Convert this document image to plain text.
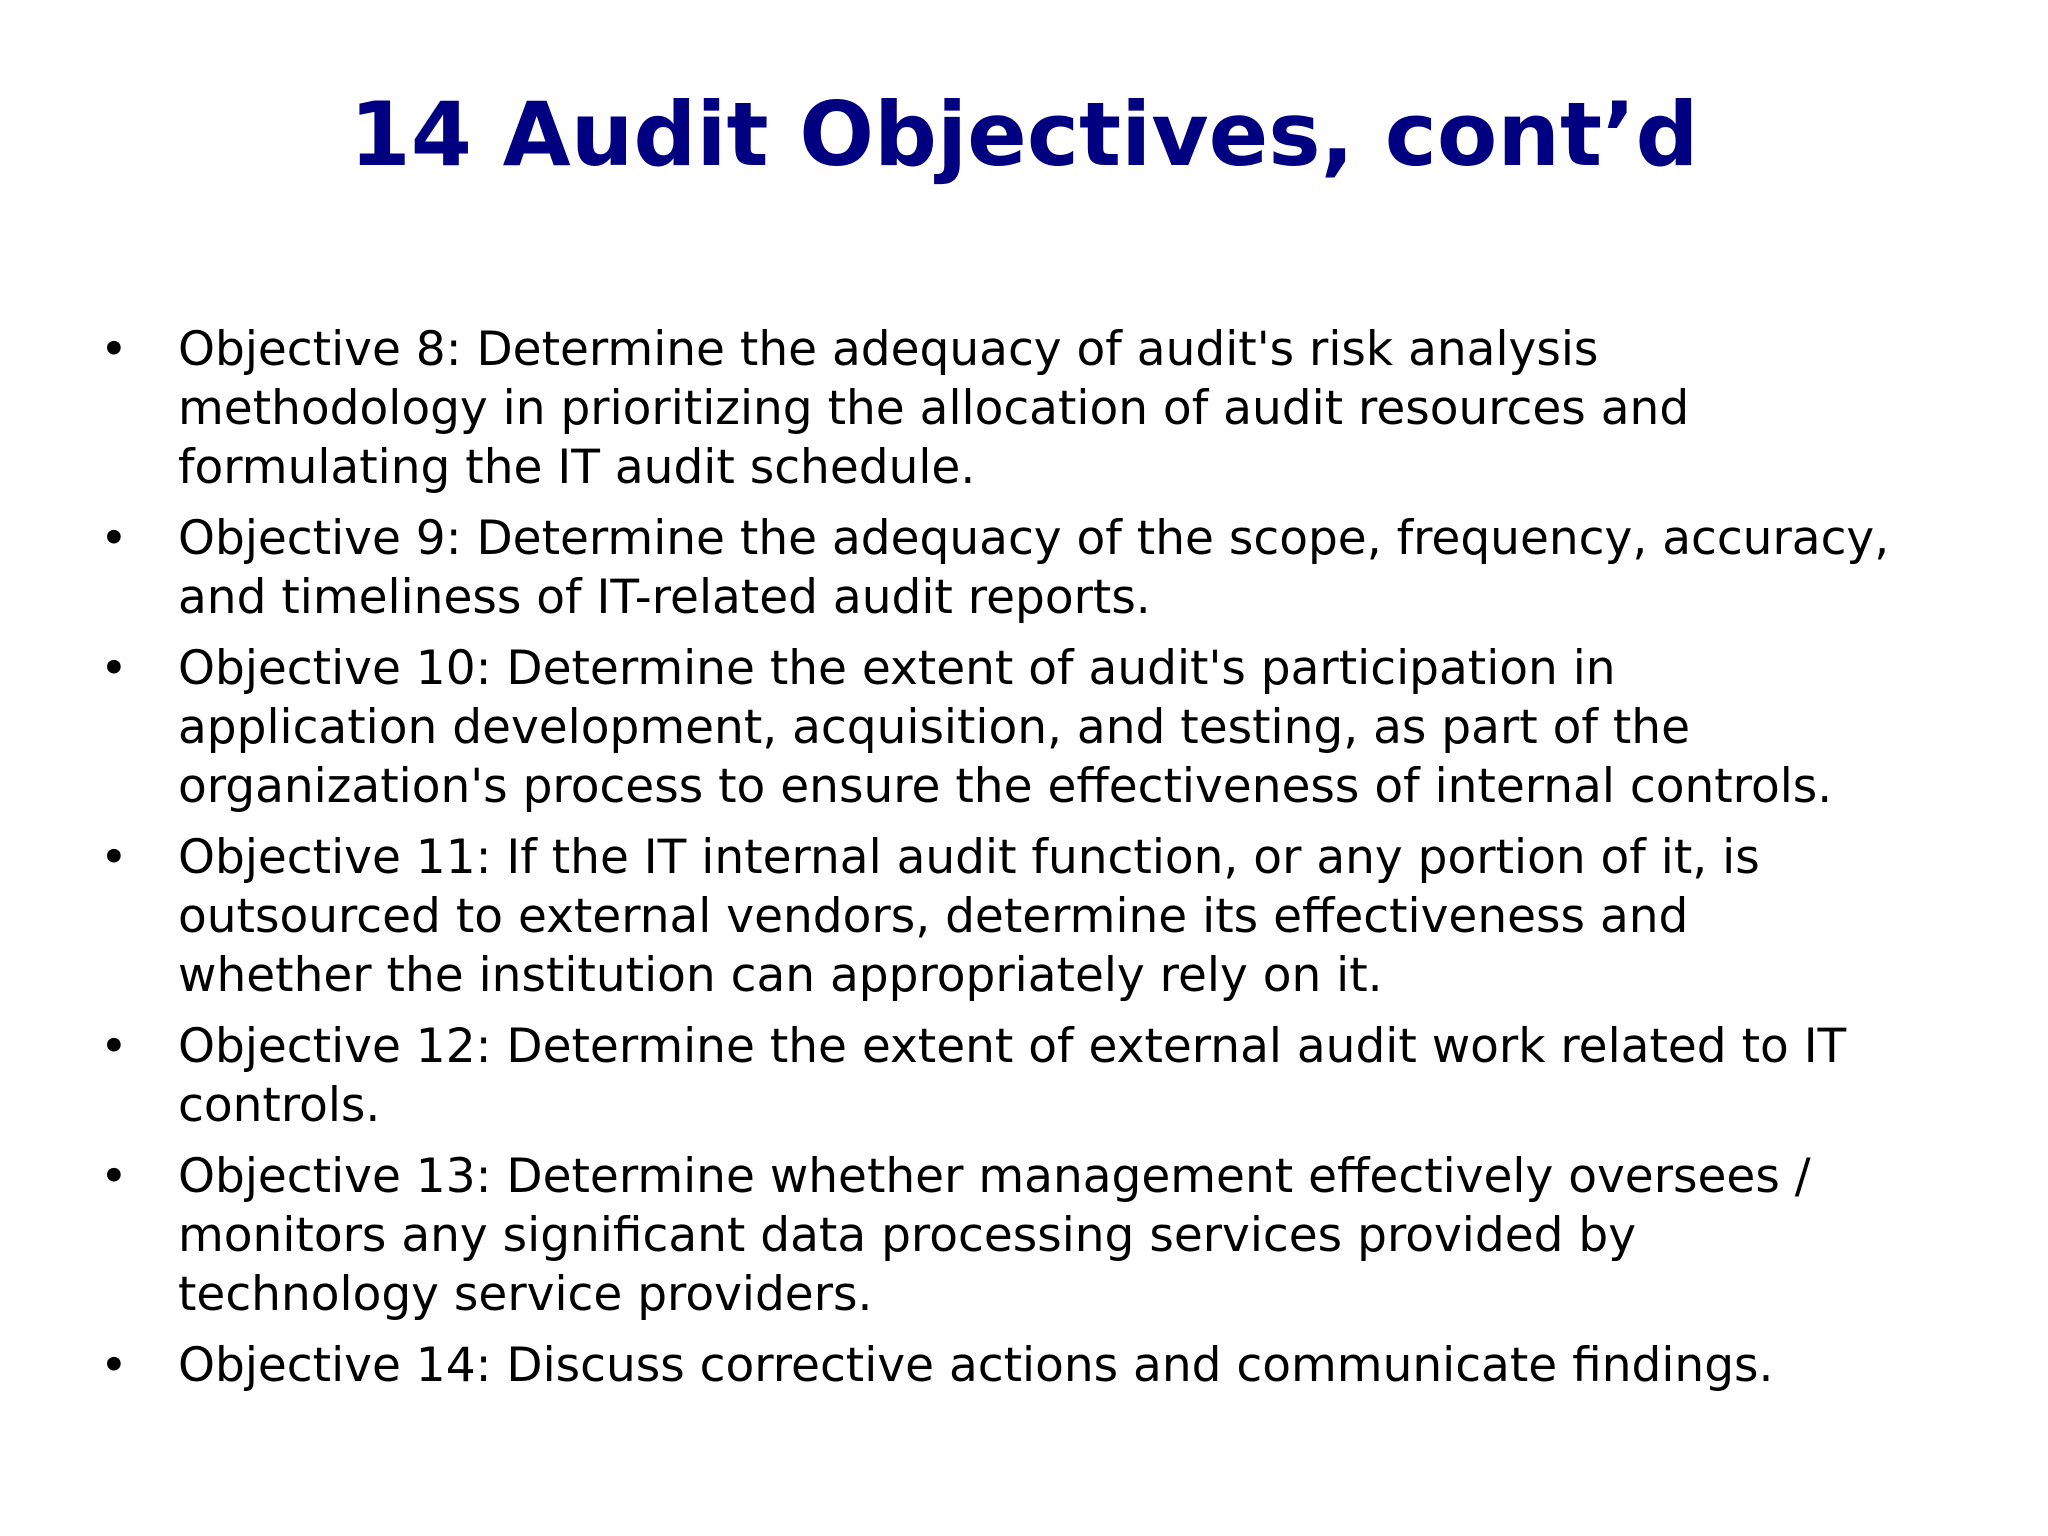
14 Audit Objectives, cont’d
• Objective 8: Determine the adequacy of audit's risk analysis
methodology in prioritizing the allocation of audit resources and
formulating the IT audit schedule.
• Objective 9: Determine the adequacy of the scope, frequency, accuracy,
and timeliness of IT-related audit reports.
• Objective 10: Determine the extent of audit's participation in
application development, acquisition, and testing, as part of the
organization's process to ensure the effectiveness of internal controls.
• Objective 11: If the IT internal audit function, or any portion of it, is
outsourced to external vendors, determine its effectiveness and
whether the institution can appropriately rely on it.
• Objective 12: Determine the extent of external audit work related to IT
controls.
• Objective 13: Determine whether management effectively oversees /
monitors any significant data processing services provided by
technology service providers.
• Objective 14: Discuss corrective actions and communicate findings.
